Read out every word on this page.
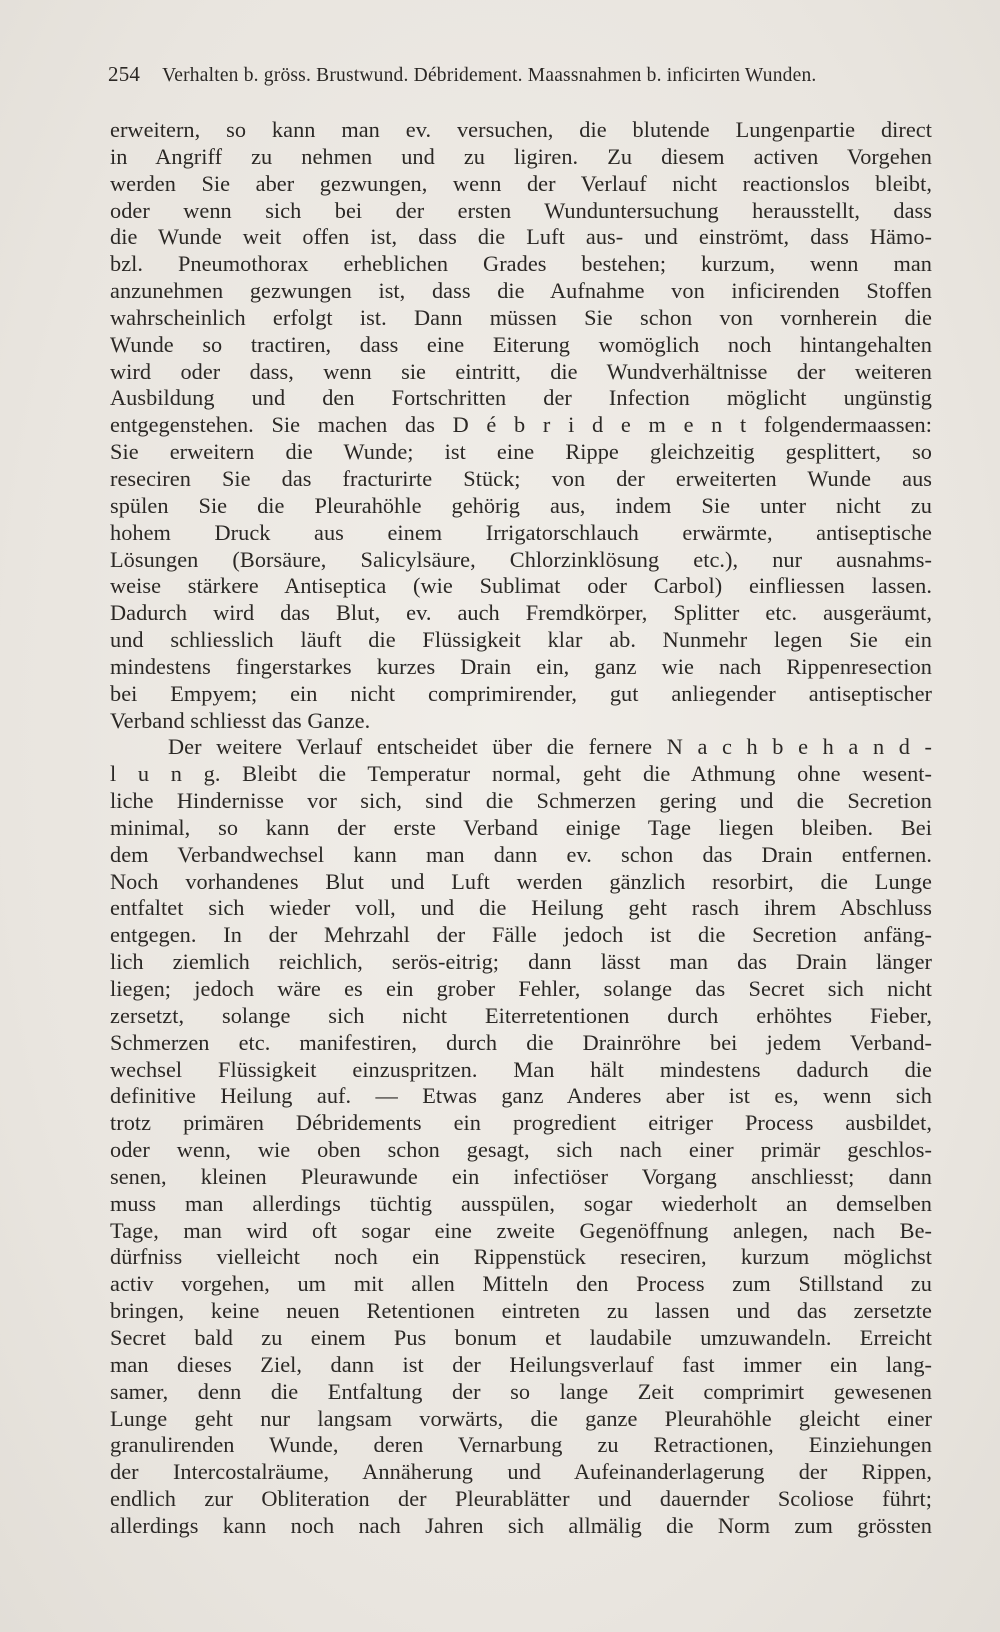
254 Verhalten b. gröss. Brustwund. Débridement. Maassnahmen b. inficirten Wunden.
erweitern, so kann man ev. versuchen, die blutende Lungenpartie direct
in Angriff zu nehmen und zu ligiren. Zu diesem activen Vorgehen
werden Sie aber gezwungen, wenn der Verlauf nicht reactionslos bleibt,
oder wenn sich bei der ersten Wunduntersuchung herausstellt, dass
die Wunde weit offen ist, dass die Luft aus- und einströmt, dass Hämo-
bzl. Pneumothorax erheblichen Grades bestehen; kurzum, wenn man
anzunehmen gezwungen ist, dass die Aufnahme von inficirenden Stoffen
wahrscheinlich erfolgt ist. Dann müssen Sie schon von vornherein die
Wunde so tractiren, dass eine Eiterung womöglich noch hintangehalten
wird oder dass, wenn sie eintritt, die Wundverhältnisse der weiteren
Ausbildung und den Fortschritten der Infection möglicht ungünstig
entgegenstehen. Sie machen das D é b r i d e m e n t folgendermaassen:
Sie erweitern die Wunde; ist eine Rippe gleichzeitig gesplittert, so
reseciren Sie das fracturirte Stück; von der erweiterten Wunde aus
spülen Sie die Pleurahöhle gehörig aus, indem Sie unter nicht zu
hohem Druck aus einem Irrigatorschlauch erwärmte, antiseptische
Lösungen (Borsäure, Salicylsäure, Chlorzinklösung etc.), nur ausnahms-
weise stärkere Antiseptica (wie Sublimat oder Carbol) einfliessen lassen.
Dadurch wird das Blut, ev. auch Fremdkörper, Splitter etc. ausgeräumt,
und schliesslich läuft die Flüssigkeit klar ab. Nunmehr legen Sie ein
mindestens fingerstarkes kurzes Drain ein, ganz wie nach Rippenresection
bei Empyem; ein nicht comprimirender, gut anliegender antiseptischer
Verband schliesst das Ganze.
Der weitere Verlauf entscheidet über die fernere N a c h b e h a n d -
l u n g. Bleibt die Temperatur normal, geht die Athmung ohne wesent-
liche Hindernisse vor sich, sind die Schmerzen gering und die Secretion
minimal, so kann der erste Verband einige Tage liegen bleiben. Bei
dem Verbandwechsel kann man dann ev. schon das Drain entfernen.
Noch vorhandenes Blut und Luft werden gänzlich resorbirt, die Lunge
entfaltet sich wieder voll, und die Heilung geht rasch ihrem Abschluss
entgegen. In der Mehrzahl der Fälle jedoch ist die Secretion anfäng-
lich ziemlich reichlich, serös-eitrig; dann lässt man das Drain länger
liegen; jedoch wäre es ein grober Fehler, solange das Secret sich nicht
zersetzt, solange sich nicht Eiterretentionen durch erhöhtes Fieber,
Schmerzen etc. manifestiren, durch die Drainröhre bei jedem Verband-
wechsel Flüssigkeit einzuspritzen. Man hält mindestens dadurch die
definitive Heilung auf. — Etwas ganz Anderes aber ist es, wenn sich
trotz primären Débridements ein progredient eitriger Process ausbildet,
oder wenn, wie oben schon gesagt, sich nach einer primär geschlos-
senen, kleinen Pleurawunde ein infectiöser Vorgang anschliesst; dann
muss man allerdings tüchtig ausspülen, sogar wiederholt an demselben
Tage, man wird oft sogar eine zweite Gegenöffnung anlegen, nach Be-
dürfniss vielleicht noch ein Rippenstück reseciren, kurzum möglichst
activ vorgehen, um mit allen Mitteln den Process zum Stillstand zu
bringen, keine neuen Retentionen eintreten zu lassen und das zersetzte
Secret bald zu einem Pus bonum et laudabile umzuwandeln. Erreicht
man dieses Ziel, dann ist der Heilungsverlauf fast immer ein lang-
samer, denn die Entfaltung der so lange Zeit comprimirt gewesenen
Lunge geht nur langsam vorwärts, die ganze Pleurahöhle gleicht einer
granulirenden Wunde, deren Vernarbung zu Retractionen, Einziehungen
der Intercostalräume, Annäherung und Aufeinanderlagerung der Rippen,
endlich zur Obliteration der Pleurablätter und dauernder Scoliose führt;
allerdings kann noch nach Jahren sich allmälig die Norm zum grössten
